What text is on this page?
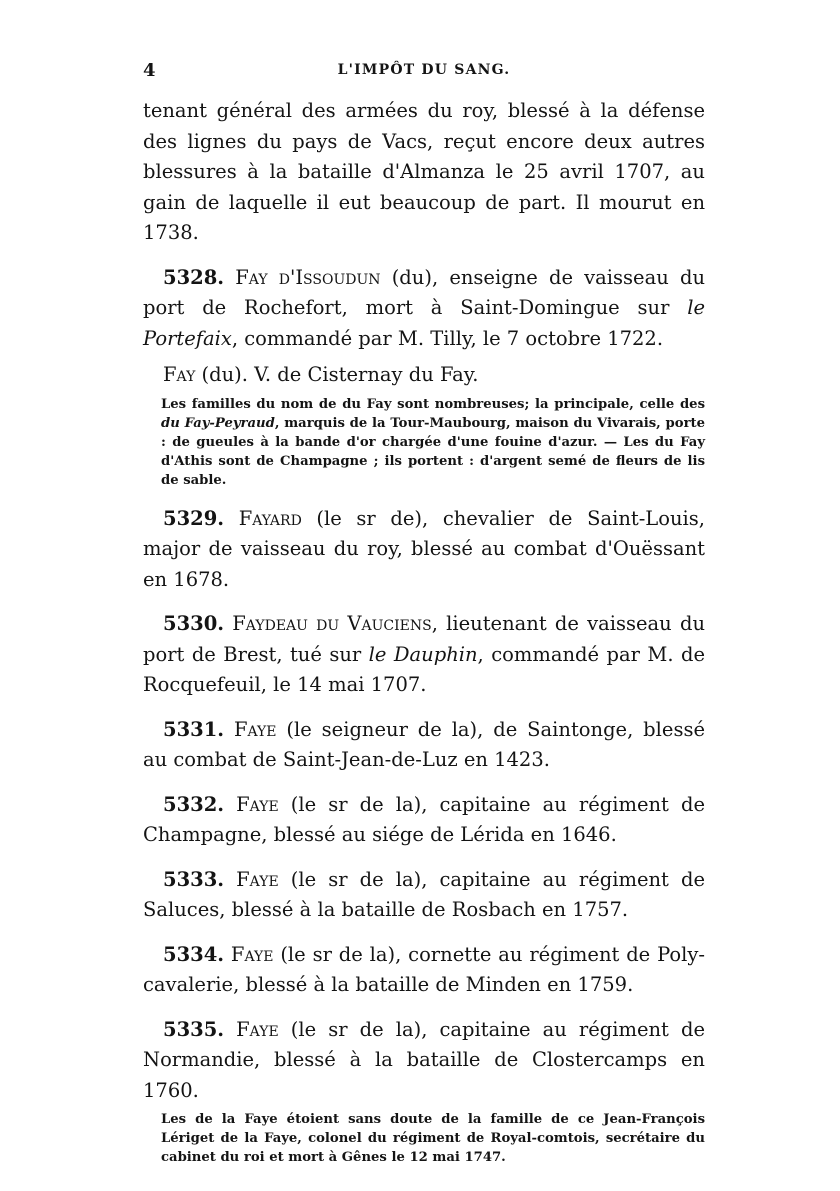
4	L'IMPÔT DU SANG.

tenant général des armées du roy, blessé à la défense des lignes du pays de Vacs, reçut encore deux autres blessures à la bataille d'Almanza le 25 avril 1707, au gain de laquelle il eut beaucoup de part. Il mourut en 1738.

5328. Fay d'Issoudun (du), enseigne de vaisseau du port de Rochefort, mort à Saint-Domingue sur le Portefaix, commandé par M. Tilly, le 7 octobre 1722.

Fay (du). V. de Cisternay du Fay.

Les familles du nom de du Fay sont nombreuses; la principale, celle des du Fay-Peyraud, marquis de la Tour-Maubourg, maison du Vivarais, porte : de gueules à la bande d'or chargée d'une fouine d'azur. — Les du Fay d'Athis sont de Champagne ; ils portent : d'argent semé de fleurs de lis de sable.

5329. Fayard (le sr de), chevalier de Saint-Louis, major de vaisseau du roy, blessé au combat d'Ouëssant en 1678.

5330. Faydeau du Vauciens, lieutenant de vaisseau du port de Brest, tué sur le Dauphin, commandé par M. de Rocquefeuil, le 14 mai 1707.

5331. Faye (le seigneur de la), de Saintonge, blessé au combat de Saint-Jean-de-Luz en 1423.

5332. Faye (le sr de la), capitaine au régiment de Champagne, blessé au siége de Lérida en 1646.

5333. Faye (le sr de la), capitaine au régiment de Saluces, blessé à la bataille de Rosbach en 1757.

5334. Faye (le sr de la), cornette au régiment de Poly-cavalerie, blessé à la bataille de Minden en 1759.

5335. Faye (le sr de la), capitaine au régiment de Normandie, blessé à la bataille de Clostercamps en 1760.

Les de la Faye étoient sans doute de la famille de ce Jean-François Lériget de la Faye, colonel du régiment de Royal-comtois, secrétaire du cabinet du roi et mort à Gênes le 12 mai 1747.
